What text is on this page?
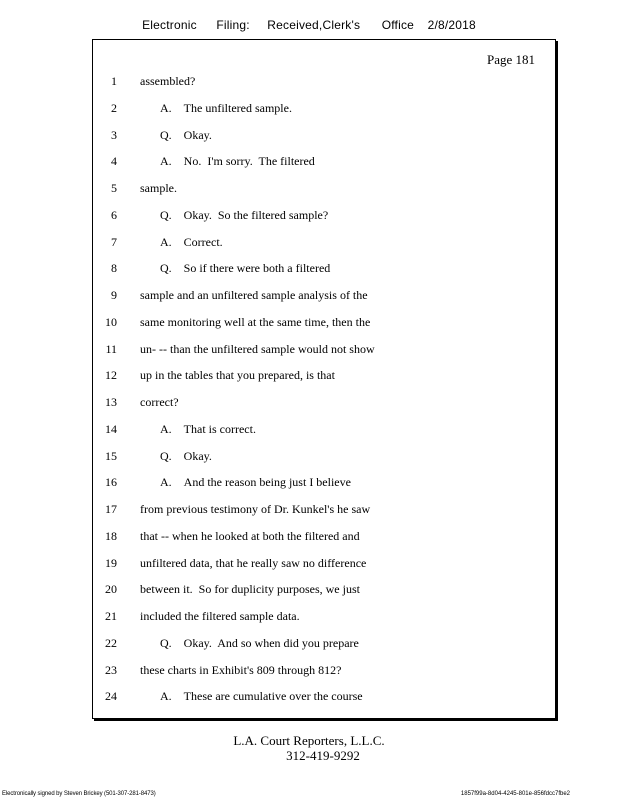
Electronic Filing: Received,Clerk's Office 2/8/2018
Page 181
1 assembled?
2	A. The unfiltered sample.
3	Q. Okay.
4	A. No.  I'm sorry.  The filtered
5 sample.
6	Q. Okay.  So the filtered sample?
7	A. Correct.
8	Q. So if there were both a filtered
9 sample and an unfiltered sample analysis of the
10 same monitoring well at the same time, then the
11 un- -- than the unfiltered sample would not show
12 up in the tables that you prepared, is that
13 correct?
14	A. That is correct.
15	Q. Okay.
16	A. And the reason being just I believe
17 from previous testimony of Dr. Kunkel's he saw
18 that -- when he looked at both the filtered and
19 unfiltered data, that he really saw no difference
20 between it.  So for duplicity purposes, we just
21 included the filtered sample data.
22	Q. Okay.  And so when did you prepare
23 these charts in Exhibit's 809 through 812?
24	A. These are cumulative over the course
L.A. Court Reporters, L.L.C.
312-419-9292
Electronically signed by Steven Brickey (501-307-281-8473)	1857f99a-8d04-4245-801e-856fdcc7fbe2
